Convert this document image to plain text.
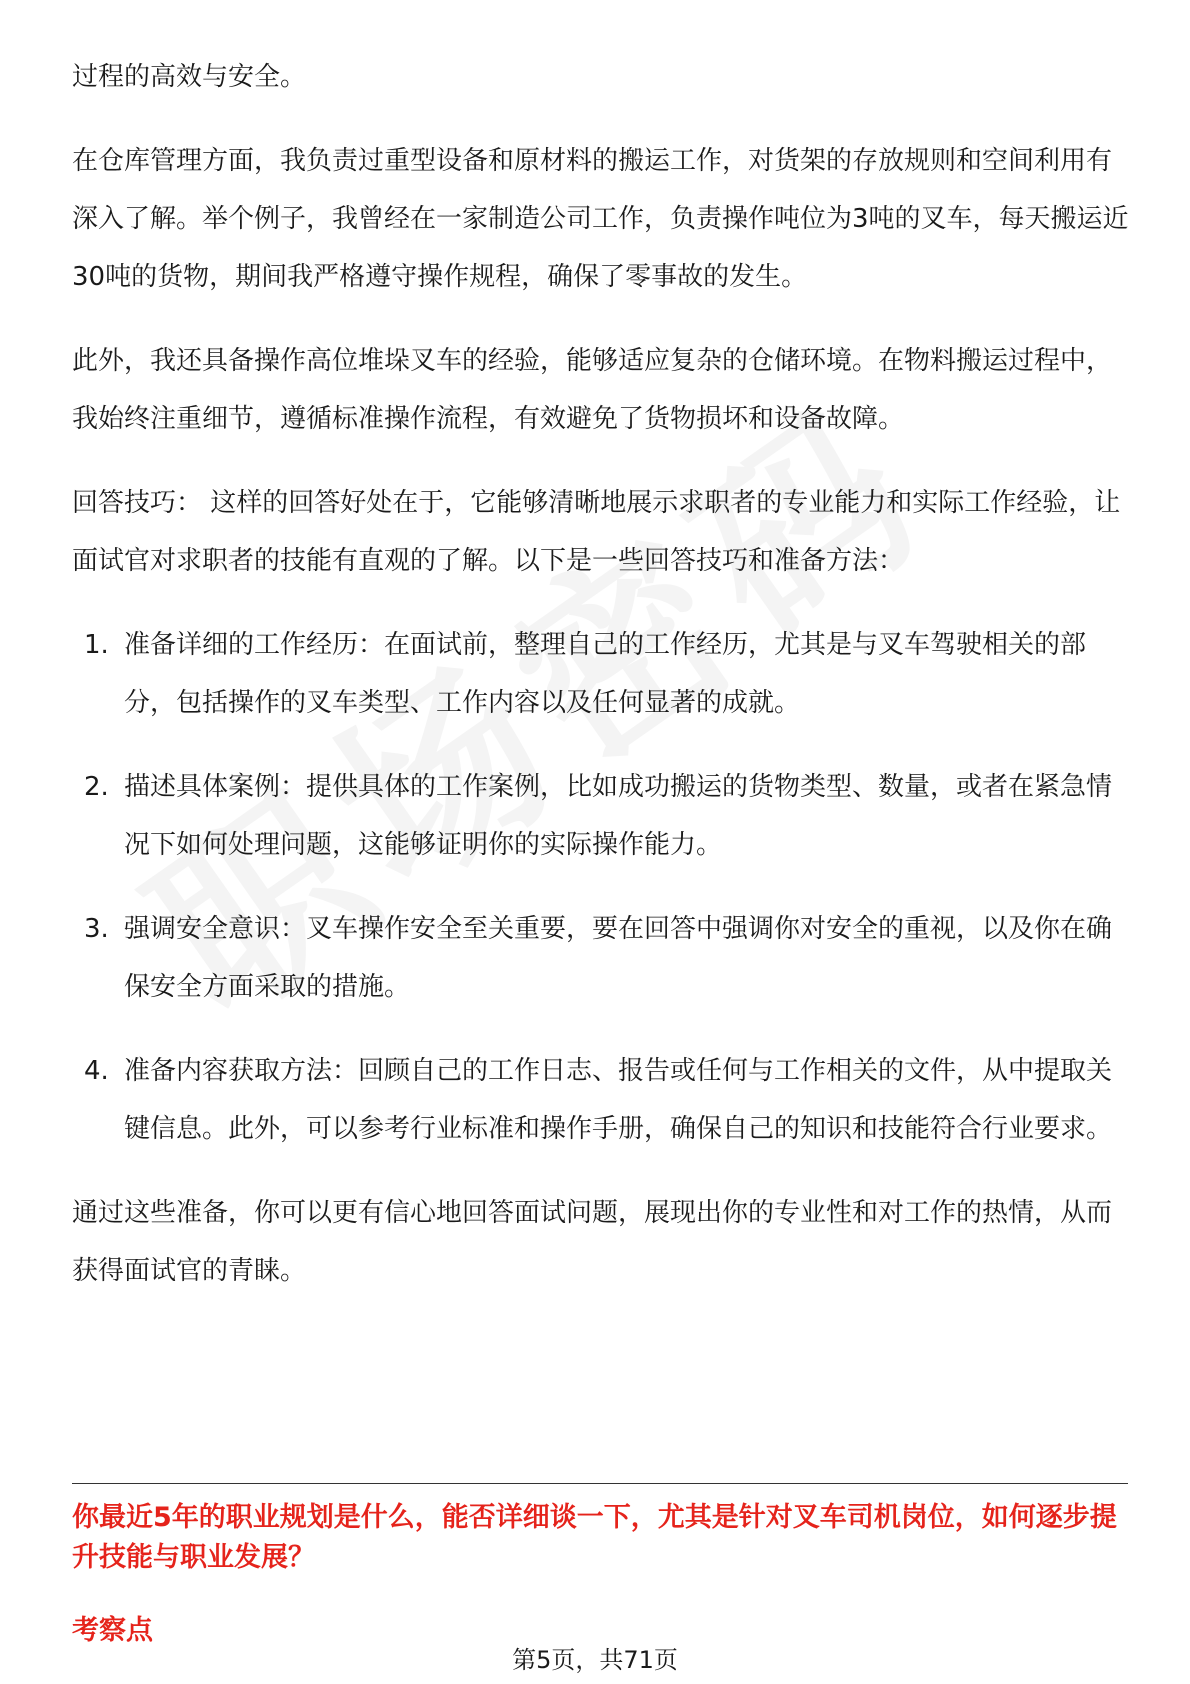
过程的高效与安全。

在仓库管理方面，我负责过重型设备和原材料的搬运工作，对货架的存放规则和空间利用有深入了解。举个例子，我曾经在一家制造公司工作，负责操作吨位为3吨的叉车，每天搬运近30吨的货物，期间我严格遵守操作规程，确保了零事故的发生。

此外，我还具备操作高位堆垛叉车的经验，能够适应复杂的仓储环境。在物料搬运过程中，我始终注重细节，遵循标准操作流程，有效避免了货物损坏和设备故障。

回答技巧： 这样的回答好处在于，它能够清晰地展示求职者的专业能力和实际工作经验，让面试官对求职者的技能有直观的了解。以下是一些回答技巧和准备方法：

1. 准备详细的工作经历：在面试前，整理自己的工作经历，尤其是与叉车驾驶相关的部分，包括操作的叉车类型、工作内容以及任何显著的成就。
2. 描述具体案例：提供具体的工作案例，比如成功搬运的货物类型、数量，或者在紧急情况下如何处理问题，这能够证明你的实际操作能力。
3. 强调安全意识：叉车操作安全至关重要，要在回答中强调你对安全的重视，以及你在确保安全方面采取的措施。
4. 准备内容获取方法：回顾自己的工作日志、报告或任何与工作相关的文件，从中提取关键信息。此外，可以参考行业标准和操作手册，确保自己的知识和技能符合行业要求。

通过这些准备，你可以更有信心地回答面试问题，展现出你的专业性和对工作的热情，从而获得面试官的青睐。

你最近5年的职业规划是什么，能否详细谈一下，尤其是针对叉车司机岗位，如何逐步提升技能与职业发展？
考察点
第5页，共71页
